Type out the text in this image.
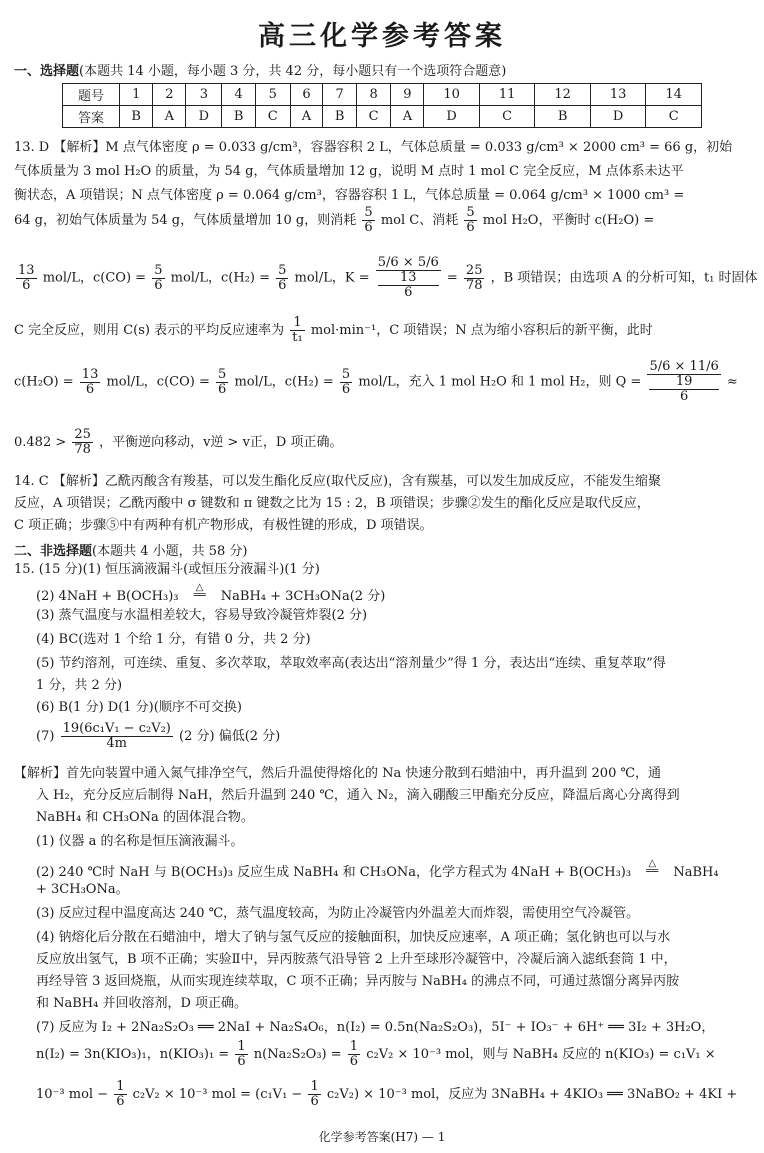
高三化学参考答案
一、选择题(本题共 14 小题，每小题 3 分，共 42 分，每小题只有一个选项符合题意)
题号	1	2	3	4	5	6	7	8	9	10	11	12	13	14
答案	B	A	D	B	C	A	B	C	A	D	C	B	D	C
13. D 【解析】M 点气体密度 ρ = 0.033 g/cm³，容器容积 2 L，气体总质量 = 0.033 g/cm³ × 2000 cm³ = 66 g，初始
气体质量为 3 mol H₂O 的质量，为 54 g，气体质量增加 12 g，说明 M 点时 1 mol C 完全反应，M 点体系未达平
衡状态，A 项错误；N 点气体密度 ρ = 0.064 g/cm³，容器容积 1 L，气体总质量 = 0.064 g/cm³ × 1000 cm³ =
64 g，初始气体质量为 54 g，气体质量增加 10 g，则消耗 $\frac{5}{6}$ mol C、消耗 $\frac{5}{6}$ mol H₂O，平衡时 c(H₂O) =
$\frac{13}{6} mol/L$，$c(CO) = \frac{5}{6} mol/L$，$c(H_2) = \frac{5}{6} mol/L$，K = 5/6 × 5/6
13
$6 = \frac{25}{78}$ ，B 项错误；由选项 A 的分析可知，t₁ 时固体
C 完全反应，则用 C(s) 表示的平均反应速率为 $\frac{1}{\text{t₁}} mol\cdot\min^{-1}$，C 项错误；N 点为缩小容积后的新平衡，此时
$c(H_2O) = \frac{13}{6} mol/L$，$c(CO) = \frac{5}{6} mol/L$，$c(H_2) = \frac{5}{6} mol/L$，充入 1 mol H₂O 和 1 mol H₂，则 Q = 5/6 × 11/6
19
6 ≈
$0.482 > \frac{25}{78}$ ，平衡逆向移动，v逆 > v正，D 项正确。
14. C 【解析】乙酰丙酸含有羧基，可以发生酯化反应(取代反应)，含有羰基，可以发生加成反应，不能发生缩聚
反应，A 项错误；乙酰丙酸中 σ 键数和 π 键数之比为 15 : 2，B 项错误；步骤②发生的酯化反应是取代反应，
C 项正确；步骤⑤中有两种有机产物形成，有极性键的形成，D 项错误。
二、非选择题(本题共 4 小题，共 58 分)
15. (15 分)(1) 恒压滴液漏斗(或恒压分液漏斗)(1 分)
(2) 4NaH + B(OCH₃)₃ △
══ NaBH₄ + 3CH₃ONa(2 分)
(3) 蒸气温度与水温相差较大，容易导致冷凝管炸裂(2 分)
(4) BC(选对 1 个给 1 分，有错 0 分，共 2 分)
(5) 节约溶剂，可连续、重复、多次萃取，萃取效率高(表达出“溶剂量少”得 1 分，表达出“连续、重复萃取”得
1 分，共 2 分)
(6) B(1 分) D(1 分)(顺序不可交换)
$(7) \frac{\text{19(6c₁V₁ − c₂V₂)}}{4m} (2$ 分) 偏低(2 分)
【解析】首先向装置中通入氮气排净空气，然后升温使得熔化的 Na 快速分散到石蜡油中，再升温到 200 ℃，通
入 H₂，充分反应后制得 NaH，然后升温到 240 ℃，通入 N₂，滴入硼酸三甲酯充分反应，降温后离心分离得到
NaBH₄ 和 CH₃ONa 的固体混合物。
(1) 仪器 a 的名称是恒压滴液漏斗。
(2) 240 ℃时 NaH 与 B(OCH₃)₃ 反应生成 NaBH₄ 和 CH₃ONa，化学方程式为 4NaH + B(OCH₃)₃ △
══ NaBH₄
+ 3CH₃ONa。
(3) 反应过程中温度高达 240 ℃，蒸气温度较高，为防止冷凝管内外温差大而炸裂，需使用空气冷凝管。
(4) 钠熔化后分散在石蜡油中，增大了钠与氢气反应的接触面积，加快反应速率，A 项正确；氢化钠也可以与水
反应放出氢气，B 项不正确；实验Ⅱ中，异丙胺蒸气沿导管 2 上升至球形冷凝管中，冷凝后滴入滤纸套筒 1 中，
再经导管 3 返回烧瓶，从而实现连续萃取，C 项不正确；异丙胺与 NaBH₄ 的沸点不同，可通过蒸馏分离异丙胺
和 NaBH₄ 并回收溶剂，D 项正确。
(7) 反应为 I₂ + 2Na₂S₂O₃ ══ 2NaI + Na₂S₄O₆，n(I₂) = 0.5n(Na₂S₂O₃)，5I⁻ + IO₃⁻ + 6H⁺ ══ 3I₂ + 3H₂O，
n(I₂) = 3n(KIO₃)₁，$n(KIO_3)_1 = \frac{1}{6} n(Na_2S_2O_3) = \frac{1}{6} c_2V_2 \times 10^{-3}$ mol，则与 NaBH₄ 反应的 n(KIO₃) = c₁V₁ ×
10⁻³ mol − $\frac{1}{6} c_2V_2 \times 10^{-3}$ mol = $(c_1V_1 - \frac{1}{6} c_2V_2) \times 10^{-3}$ mol，反应为 3NaBH₄ + 4KIO₃ ══ 3NaBO₂ + 4KI +
化学参考答案(H7) — 1
